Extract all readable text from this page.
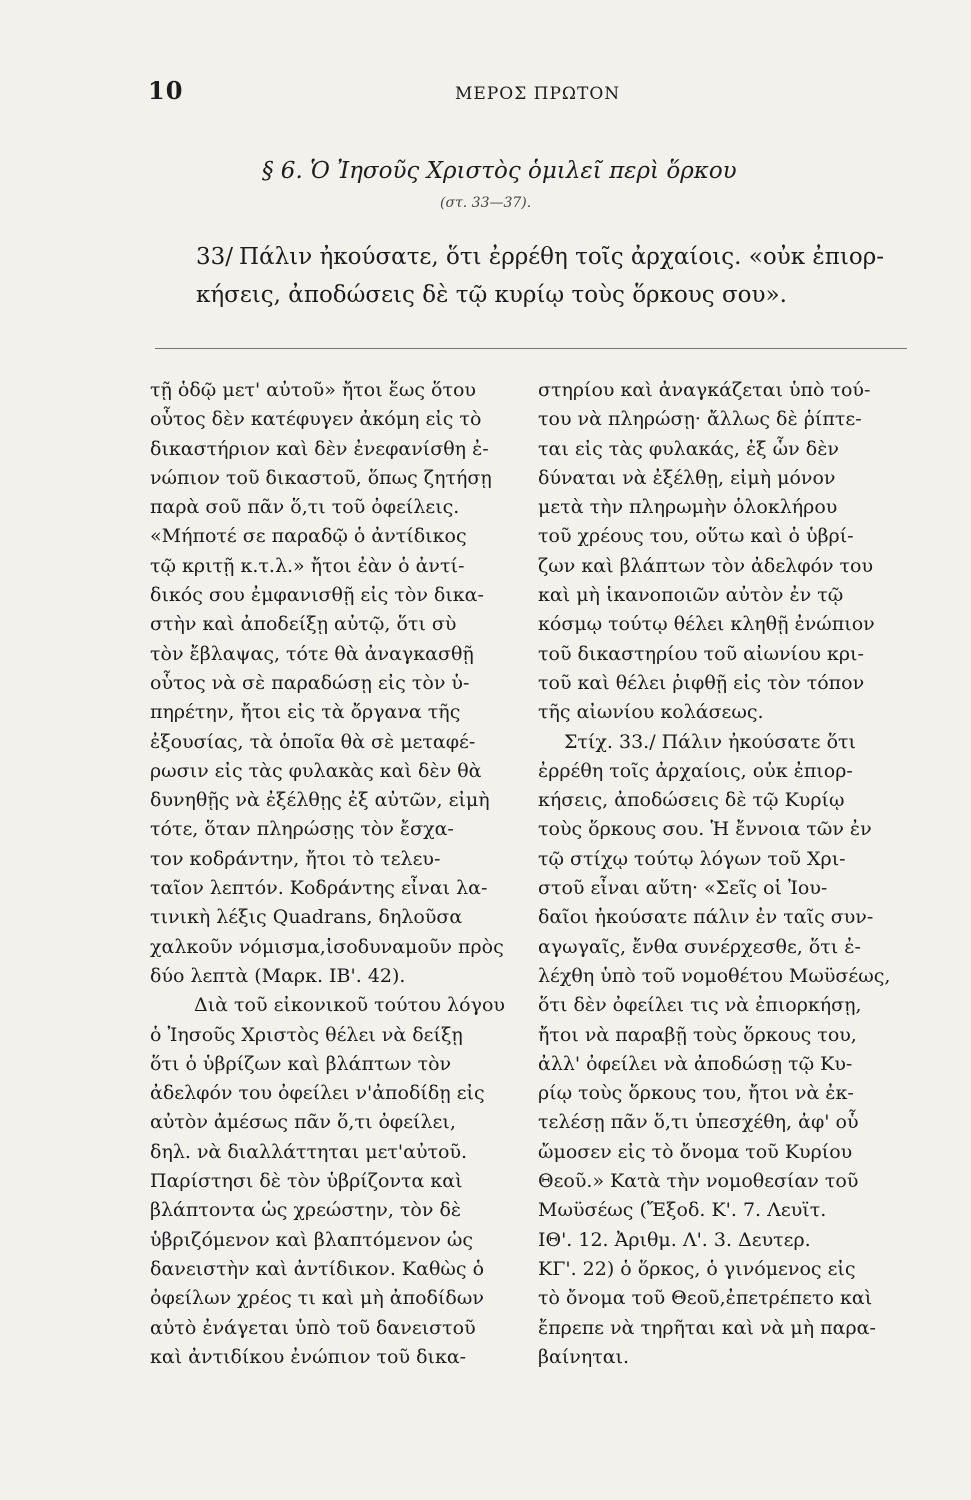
10	ΜΕΡΟΣ ΠΡΩΤΟΝ
§ 6. Ὁ Ἰησοῦς Χριστὸς ὁμιλεῖ περὶ ὅρκου
(στ. 33—37).
33/ Πάλιν ἠκούσατε, ὅτι ἐρρέθη τοῖς ἀρχαίοις. «οὐκ ἐπιορ-
κήσεις, ἀποδώσεις δὲ τῷ κυρίῳ τοὺς ὅρκους σου».
τῇ ὁδῷ μετ' αὐτοῦ» ἤτοι ἕως ὅτου
οὗτος δὲν κατέφυγεν ἀκόμη εἰς τὸ
δικαστήριον καὶ δὲν ἐνεφανίσθη ἐ-
νώπιον τοῦ δικαστοῦ, ὅπως ζητήσῃ
παρὰ σοῦ πᾶν ὅ,τι τοῦ ὀφείλεις.
«Μήποτέ σε παραδῷ ὁ ἀντίδικος
τῷ κριτῇ κ.τ.λ.» ἤτοι ἐὰν ὁ ἀντί-
δικός σου ἐμφανισθῇ εἰς τὸν δικα-
στὴν καὶ ἀποδείξῃ αὐτῷ, ὅτι σὺ
τὸν ἔβλαψας, τότε θὰ ἀναγκασθῇ
οὗτος νὰ σὲ παραδώσῃ εἰς τὸν ὑ-
πηρέτην, ἤτοι εἰς τὰ ὄργανα τῆς
ἐξουσίας, τὰ ὁποῖα θὰ σὲ μεταφέ-
ρωσιν εἰς τὰς φυλακὰς καὶ δὲν θὰ
δυνηθῇς νὰ ἐξέλθῃς ἐξ αὐτῶν, εἰμὴ
τότε, ὅταν πληρώσῃς τὸν ἔσχα-
τον κοδράντην, ἤτοι τὸ τελευ-
ταῖον λεπτόν. Κοδράντης εἶναι λα-
τινικὴ λέξις Quadrans, δηλοῦσα
χαλκοῦν νόμισμα,ἰσοδυναμοῦν πρὸς
δύο λεπτὰ (Μαρκ. ΙΒ'. 42).
Διὰ τοῦ εἰκονικοῦ τούτου λόγου
ὁ Ἰησοῦς Χριστὸς θέλει νὰ δείξῃ
ὅτι ὁ ὑβρίζων καὶ βλάπτων τὸν
ἀδελφόν του ὀφείλει ν'ἀποδίδῃ εἰς
αὐτὸν ἀμέσως πᾶν ὅ,τι ὀφείλει,
δηλ. νὰ διαλλάττηται μετ'αὐτοῦ.
Παρίστησι δὲ τὸν ὑβρίζοντα καὶ
βλάπτοντα ὡς χρεώστην, τὸν δὲ
ὑβριζόμενον καὶ βλαπτόμενον ὡς
δανειστὴν καὶ ἀντίδικον. Καθὼς ὁ
ὀφείλων χρέος τι καὶ μὴ ἀποδίδων
αὐτὸ ἐνάγεται ὑπὸ τοῦ δανειστοῦ
καὶ ἀντιδίκου ἐνώπιον τοῦ δικα-
στηρίου καὶ ἀναγκάζεται ὑπὸ τού-
του νὰ πληρώσῃ· ἄλλως δὲ ῥίπτε-
ται εἰς τὰς φυλακάς, ἐξ ὧν δὲν
δύναται νὰ ἐξέλθῃ, εἰμὴ μόνον
μετὰ τὴν πληρωμὴν ὁλοκλήρου
τοῦ χρέους του, οὕτω καὶ ὁ ὑβρί-
ζων καὶ βλάπτων τὸν ἀδελφόν του
καὶ μὴ ἱκανοποιῶν αὐτὸν ἐν τῷ
κόσμῳ τούτῳ θέλει κληθῇ ἐνώπιον
τοῦ δικαστηρίου τοῦ αἰωνίου κρι-
τοῦ καὶ θέλει ῥιφθῇ εἰς τὸν τόπον
τῆς αἰωνίου κολάσεως.
Στίχ. 33./ Πάλιν ἠκούσατε ὅτι
ἐρρέθη τοῖς ἀρχαίοις, οὐκ ἐπιορ-
κήσεις, ἀποδώσεις δὲ τῷ Κυρίῳ
τοὺς ὅρκους σου. Ἡ ἔννοια τῶν ἐν
τῷ στίχῳ τούτῳ λόγων τοῦ Χρι-
στοῦ εἶναι αὕτη· «Σεῖς οἱ Ἰου-
δαῖοι ἠκούσατε πάλιν ἐν ταῖς συν-
αγωγαῖς, ἔνθα συνέρχεσθε, ὅτι ἐ-
λέχθη ὑπὸ τοῦ νομοθέτου Μωϋσέως,
ὅτι δὲν ὀφείλει τις νὰ ἐπιορκήσῃ,
ἤτοι νὰ παραβῇ τοὺς ὅρκους του,
ἀλλ' ὀφείλει νὰ ἀποδώσῃ τῷ Κυ-
ρίῳ τοὺς ὅρκους του, ἤτοι νὰ ἐκ-
τελέσῃ πᾶν ὅ,τι ὑπεσχέθη, ἀφ' οὗ
ὤμοσεν εἰς τὸ ὄνομα τοῦ Κυρίου
Θεοῦ.» Κατὰ τὴν νομοθεσίαν τοῦ
Μωϋσέως (Ἔξοδ. Κ'. 7. Λευϊτ.
ΙΘ'. 12. Ἀριθμ. Λ'. 3. Δευτερ.
ΚΓ'. 22) ὁ ὅρκος, ὁ γινόμενος εἰς
τὸ ὄνομα τοῦ Θεοῦ,ἐπετρέπετο καὶ
ἔπρεπε νὰ τηρῆται καὶ νὰ μὴ παρα-
βαίνηται.
